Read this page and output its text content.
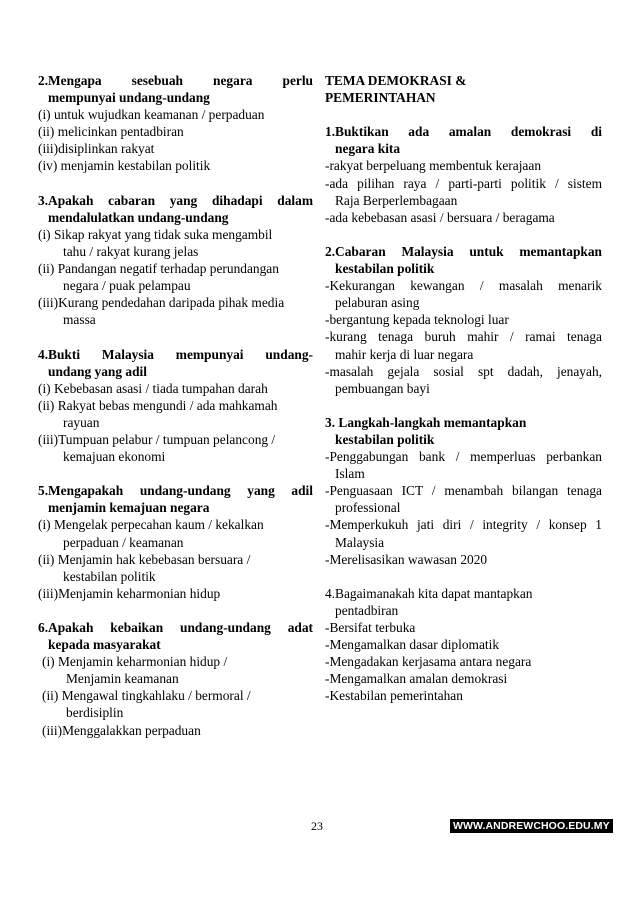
2.Mengapa sesebuah negara perlu
mempunyai undang-undang
(i) untuk wujudkan keamanan / perpaduan
(ii) melicinkan pentadbiran
(iii)disiplinkan rakyat
(iv) menjamin kestabilan politik
3.Apakah cabaran yang dihadapi dalam
mendalulatkan undang-undang
(i) Sikap rakyat yang tidak suka mengambil
tahu / rakyat kurang jelas
(ii) Pandangan negatif terhadap perundangan
negara / puak pelampau
(iii)Kurang pendedahan daripada pihak media
massa
4.Bukti Malaysia mempunyai undang-
undang yang adil
(i) Kebebasan asasi / tiada tumpahan darah
(ii) Rakyat bebas mengundi / ada mahkamah
rayuan
(iii)Tumpuan pelabur / tumpuan pelancong /
kemajuan ekonomi
5.Mengapakah undang-undang yang adil
menjamin kemajuan negara
(i) Mengelak perpecahan kaum / kekalkan
perpaduan / keamanan
(ii) Menjamin hak kebebasan bersuara /
kestabilan politik
(iii)Menjamin keharmonian hidup
6.Apakah kebaikan undang-undang adat
kepada masyarakat
(i) Menjamin keharmonian hidup /
Menjamin keamanan
(ii) Mengawal tingkahlaku / bermoral /
berdisiplin
(iii)Menggalakkan perpaduan
TEMA DEMOKRASI &
PEMERINTAHAN
1.Buktikan ada amalan demokrasi di
negara kita
-rakyat berpeluang membentuk kerajaan
-ada pilihan raya / parti-parti politik / sistem
Raja Berperlembagaan
-ada kebebasan asasi / bersuara / beragama
2.Cabaran Malaysia untuk memantapkan
kestabilan politik
-Kekurangan kewangan / masalah menarik
pelaburan asing
-bergantung kepada teknologi luar
-kurang tenaga buruh mahir / ramai tenaga
mahir kerja di luar negara
-masalah gejala sosial spt dadah, jenayah,
pembuangan bayi
3. Langkah-langkah memantapkan
kestabilan politik
-Penggabungan bank / memperluas perbankan
Islam
-Penguasaan ICT / menambah bilangan tenaga
professional
-Memperkukuh jati diri / integrity / konsep 1
Malaysia
-Merelisasikan wawasan 2020
4.Bagaimanakah kita dapat mantapkan
pentadbiran
-Bersifat terbuka
-Mengamalkan dasar diplomatik
-Mengadakan kerjasama antara negara
-Mengamalkan amalan demokrasi
-Kestabilan pemerintahan
23	WWW.ANDREWCHOO.EDU.MY
